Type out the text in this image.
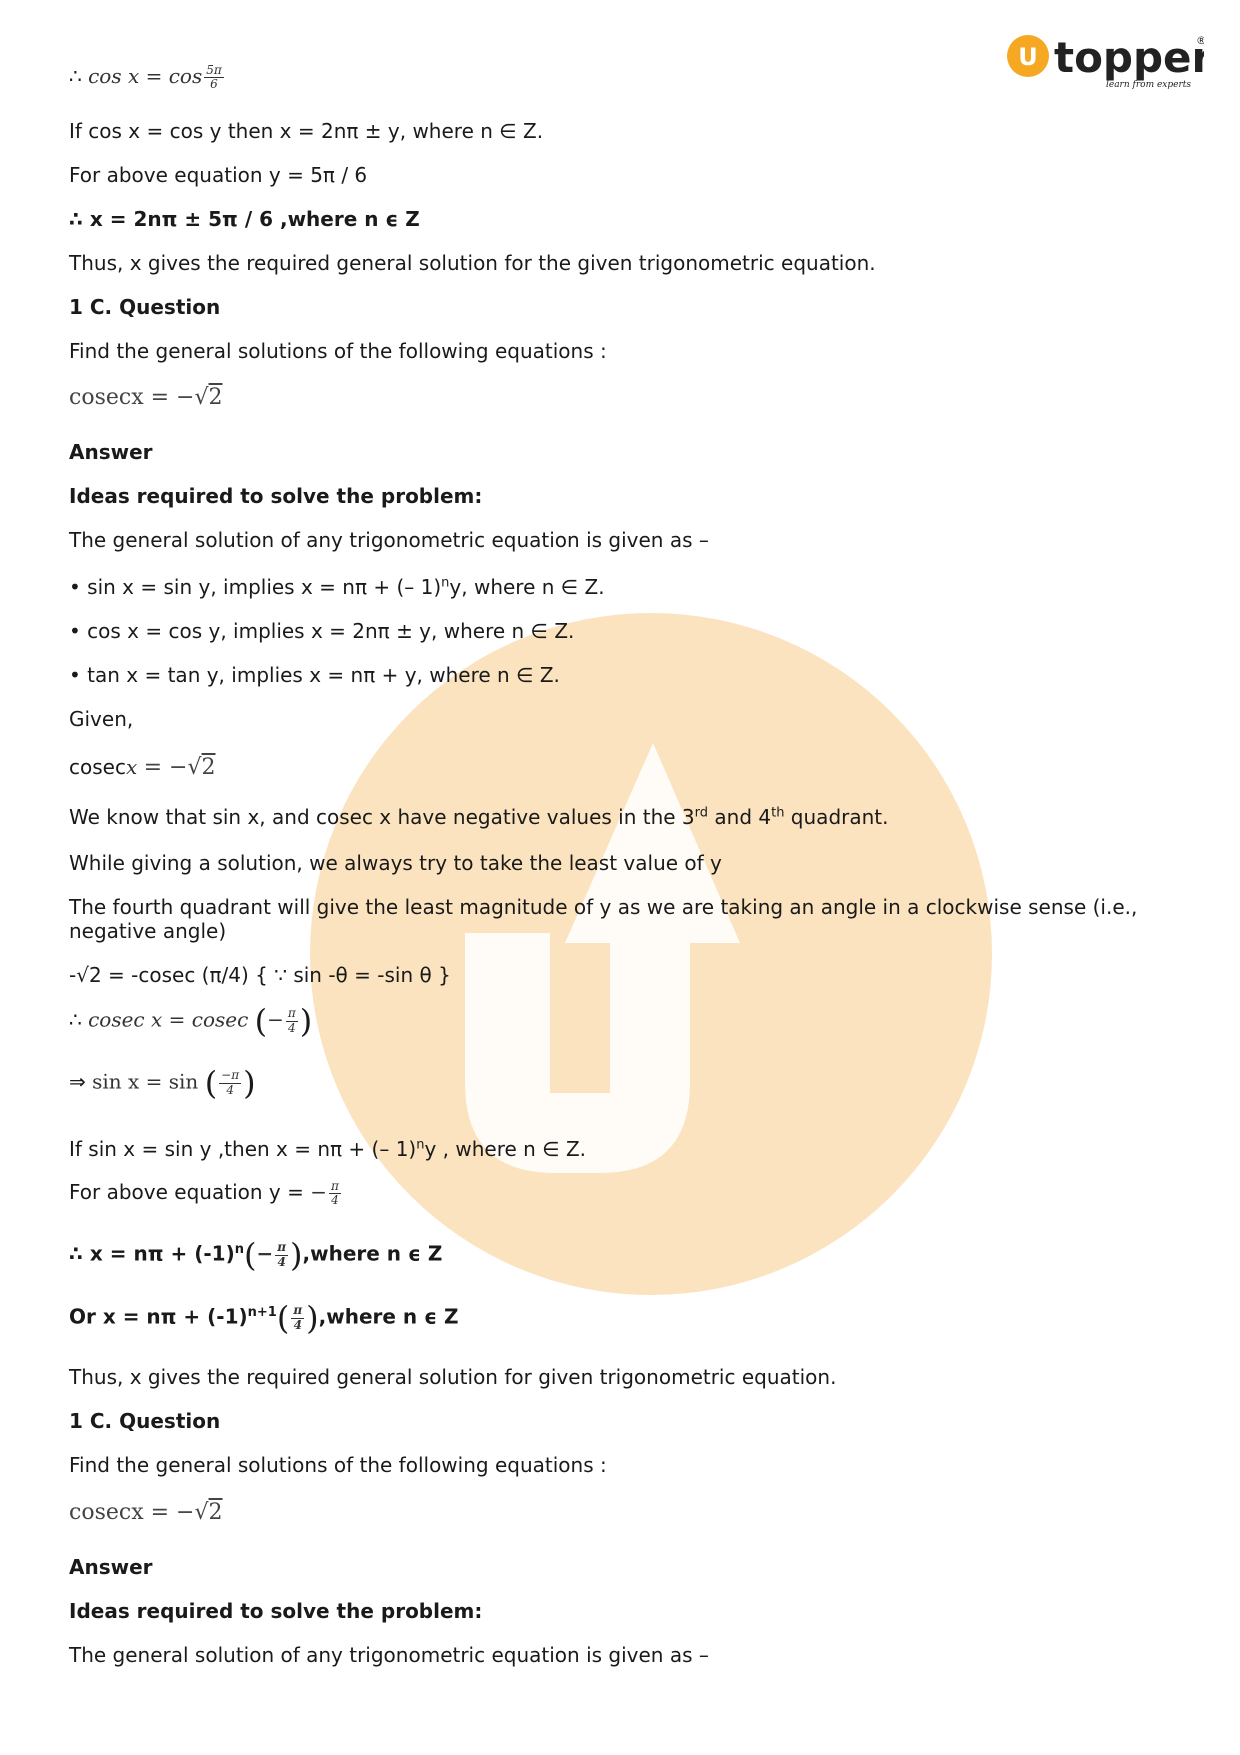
U topper
®
learn from experts
∴ $\cos x = \cos \frac{5\pi}{6}$
If cos x = cos y then x = 2nπ ± y, where n ∈ Z.
For above equation y = 5π / 6
∴ x = 2nπ ± 5π / 6 ,where n ϵ Z
Thus, x gives the required general solution for the given trigonometric equation.
1 C. Question
Find the general solutions of the following equations :
cosecx = −√2
Answer
Ideas required to solve the problem:
The general solution of any trigonometric equation is given as –
• sin x = sin y, implies x = nπ + (– 1)$^n$y, where n ∈ Z.
• cos x = cos y, implies x = 2nπ ± y, where n ∈ Z.
• tan x = tan y, implies x = nπ + y, where n ∈ Z.
Given,
cosecx = −√2
We know that sin x, and cosec x have negative values in the 3rd and 4th quadrant.
While giving a solution, we always try to take the least value of y
The fourth quadrant will give the least magnitude of y as we are taking an angle in a clockwise sense (i.e., negative angle)
-√2 = -cosec (π/4) { ∵ sin -θ = -sin θ }
∴ cosec x = cosec (− $\frac{\pi}{4}$ )
⇒ sin x = sin ( $\frac{-\pi}{4}$ )
If sin x = sin y ,then x = nπ + (– 1)$^n$y , where n ∈ Z.
For above equation y = − $\frac{\pi}{4}$
∴ $x = n\pi + (-1)^n(- \frac{\pi}{4}$ ),where n ϵ Z
Or $x = n\pi + (-1)^{n+1}( \frac{\pi}{4}$ ),where n ϵ Z
Thus, x gives the required general solution for given trigonometric equation.
1 C. Question
Find the general solutions of the following equations :
cosecx = −√2
Answer
Ideas required to solve the problem:
The general solution of any trigonometric equation is given as –
